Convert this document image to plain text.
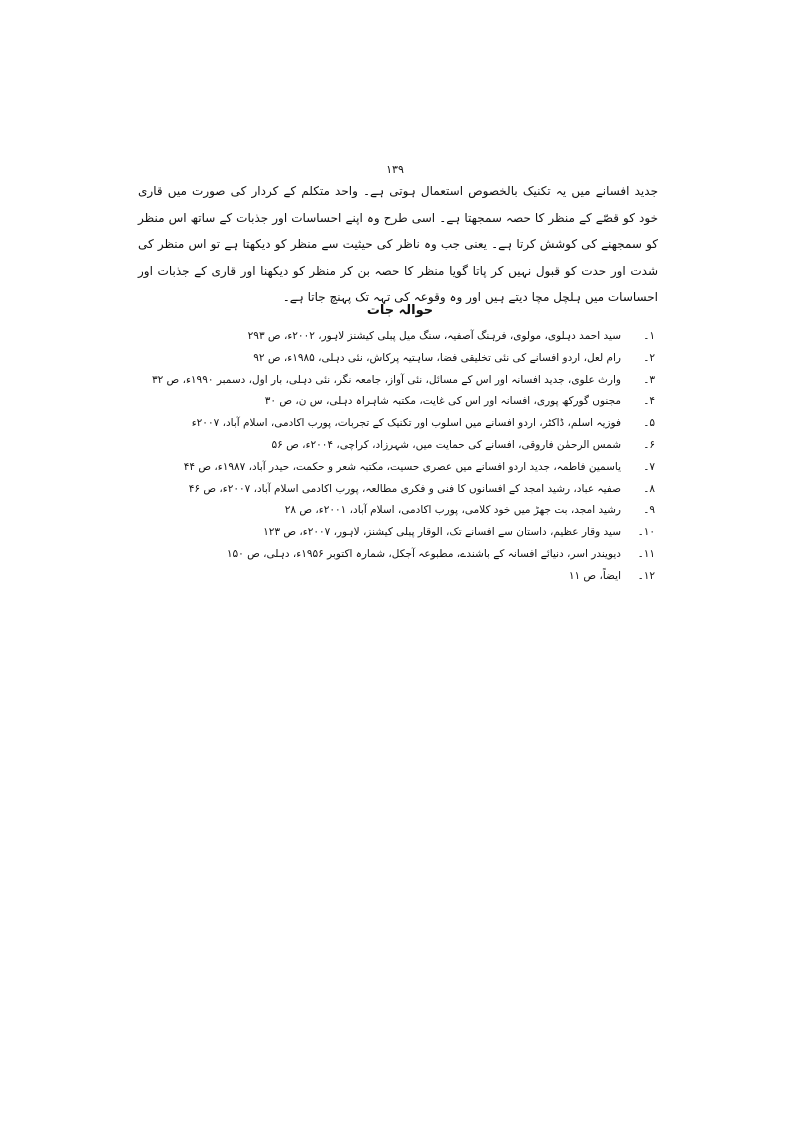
۱۳۹
جدید افسانے میں یہ تکنیک بالخصوص استعمال ہوتی ہے۔ واحد متکلم کے کردار کی صورت میں قاری خود کو قصّے کے منظر کا حصہ سمجھتا ہے۔ اسی طرح وہ اپنے احساسات اور جذبات کے ساتھ اس منظر کو سمجھنے کی کوشش کرتا ہے۔ یعنی جب وہ ناظر کی حیثیت سے منظر کو دیکھتا ہے تو اس منظر کی شدت اور حدت کو قبول نہیں کر پاتا گویا منظر کا حصہ بن کر منظر کو دیکھنا اور قاری کے جذبات اور احساسات میں ہلچل مچا دیتے ہیں اور وہ وقوعہ کی تہہ تک پہنچ جاتا ہے۔
حوالہ جات
۱۔
سید احمد دہلوی، مولوی، فرہنگ آصفیہ، سنگ میل پبلی کیشنز لاہور، ۲۰۰۲ء، ص ۲۹۳
۲۔
رام لعل، اردو افسانے کی نئی تخلیقی فضا، ساہتیہ پرکاش، نئی دہلی، ۱۹۸۵ء، ص ۹۲
۳۔
وارث علوی، جدید افسانہ اور اس کے مسائل، نئی آواز، جامعہ نگر، نئی دہلی، بار اول، دسمبر ۱۹۹۰ء، ص ۳۲
۴۔
مجنوں گورکھ پوری، افسانہ اور اس کی غایت، مکتبہ شاہراہ دہلی، س ن، ص ۳۰
۵۔
فوزیہ اسلم، ڈاکٹر، اردو افسانے میں اسلوب اور تکنیک کے تجربات، پورب اکادمی، اسلام آباد، ۲۰۰۷ء
۶۔
شمس الرحمٰن فاروقی، افسانے کی حمایت میں، شہرزاد، کراچی، ۲۰۰۴ء، ص ۵۶
۷۔
یاسمین فاطمہ، جدید اردو افسانے میں عصری حسیت، مکتبہ شعر و حکمت، حیدر آباد، ۱۹۸۷ء، ص ۴۴
۸۔
صفیہ عباد، رشید امجد کے افسانوں کا فنی و فکری مطالعہ، پورب اکادمی اسلام آباد، ۲۰۰۷ء، ص ۴۶
۹۔
رشید امجد، بت جھڑ میں خود کلامی، پورب اکادمی، اسلام آباد، ۲۰۰۱ء، ص ۲۸
۱۰۔
سید وقار عظیم، داستان سے افسانے تک، الوقار پبلی کیشنز، لاہور، ۲۰۰۷ء، ص ۱۲۳
۱۱۔
دیویندر اسر، دنیائے افسانہ کے باشندے، مطبوعہ آجکل، شمارہ اکتوبر ۱۹۵۶ء، دہلی، ص ۱۵۰
۱۲۔
ایضاً، ص ۱۱
